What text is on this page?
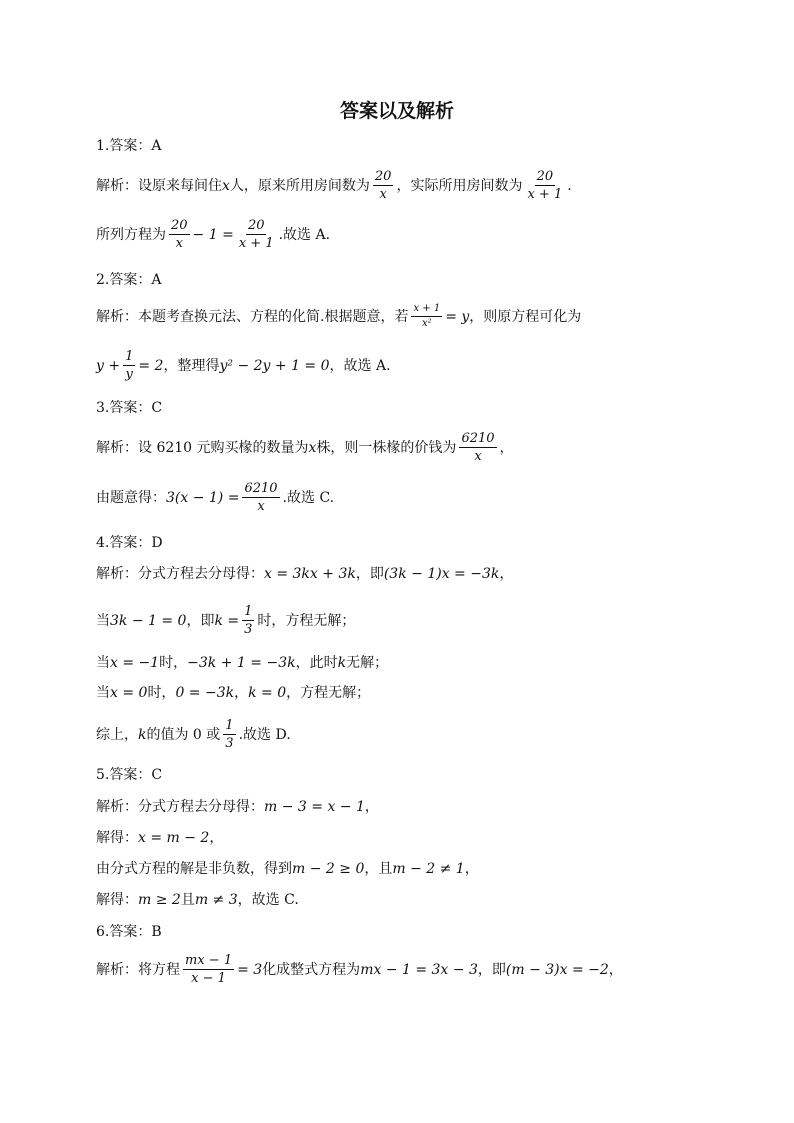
答案以及解析
1.答案：A
解析：设原来每间住 x 人，原来所用房间数为 $\frac{20}{x}$ ，实际所用房间数为 $\frac{20}{x + 1}$ .
所列方程为 $\frac{20}{x} - 1 = \frac{20}{x + 1}$ .故选 A.
2.答案：A
解析：本题考查换元法、方程的化简.根据题意，若 $\frac{x + 1}{\text{x²}} = y$ ，则原方程可化为
$y + \frac{1}{y} = 2$ ，整理得 y² − 2y + 1 = 0 ，故选 A.
3.答案：C
解析：设 6210 元购买椽的数量为 x 株，则一株椽的价钱为 $\frac{6210}{x}$ ，
由题意得： $3(x - 1) = \frac{6210}{x}$ .故选 C.
4.答案：D
解析：分式方程去分母得： x = 3kx + 3k ，即 (3k − 1)x = −3k ，
当 3k − 1 = 0 ，即 $k = \frac{1}{3}$ 时，方程无解；
当 x = −1 时， −3k + 1 = −3k ，此时 k 无解；
当 x = 0 时， 0 = −3k ， k = 0 ，方程无解；
综上， k 的值为 0 或 $\frac{1}{3}$ .故选 D.
5.答案：C
解析：分式方程去分母得： m − 3 = x − 1 ，
解得： x = m − 2 ，
由分式方程的解是非负数，得到 m − 2 ≥ 0 ，且 m − 2 ≠ 1 ，
解得： m ≥ 2 且 m ≠ 3 ，故选 C.
6.答案：B
解析：将方程 $\frac{mx - 1}{x - 1} = 3$ 化成整式方程为 mx − 1 = 3x − 3 ，即 (m − 3)x = −2 ，
